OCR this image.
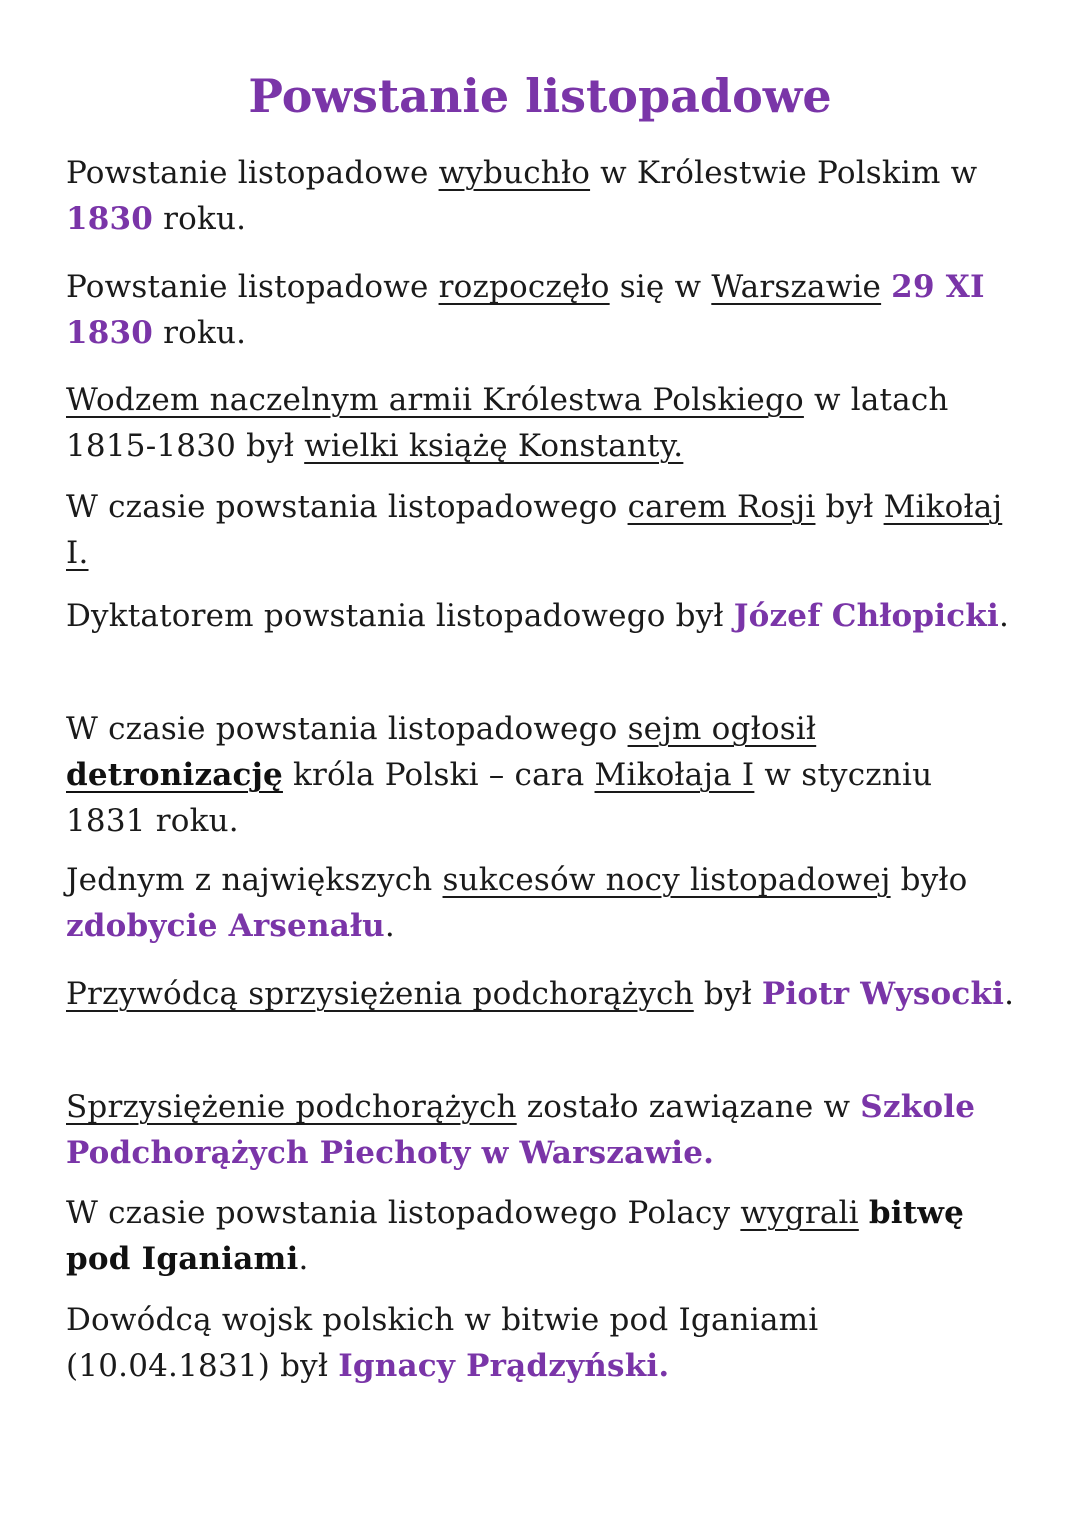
Powstanie listopadowe

Powstanie listopadowe wybuchło w Królestwie Polskim w 1830 roku.

Powstanie listopadowe rozpoczęło się w Warszawie 29 XI 1830 roku.

Wodzem naczelnym armii Królestwa Polskiego w latach 1815-1830 był wielki książę Konstanty.

W czasie powstania listopadowego carem Rosji był Mikołaj I.

Dyktatorem powstania listopadowego był Józef Chłopicki.

W czasie powstania listopadowego sejm ogłosił detronizację króla Polski – cara Mikołaja I w styczniu 1831 roku.

Jednym z największych sukcesów nocy listopadowej było zdobycie Arsenału.

Przywódcą sprzysiężenia podchorążych był Piotr Wysocki.

Sprzysiężenie podchorążych zostało zawiązane w Szkole Podchorążych Piechoty w Warszawie.

W czasie powstania listopadowego Polacy wygrali bitwę pod Iganiami.

Dowódcą wojsk polskich w bitwie pod Iganiami (10.04.1831) był Ignacy Prądzyński.
